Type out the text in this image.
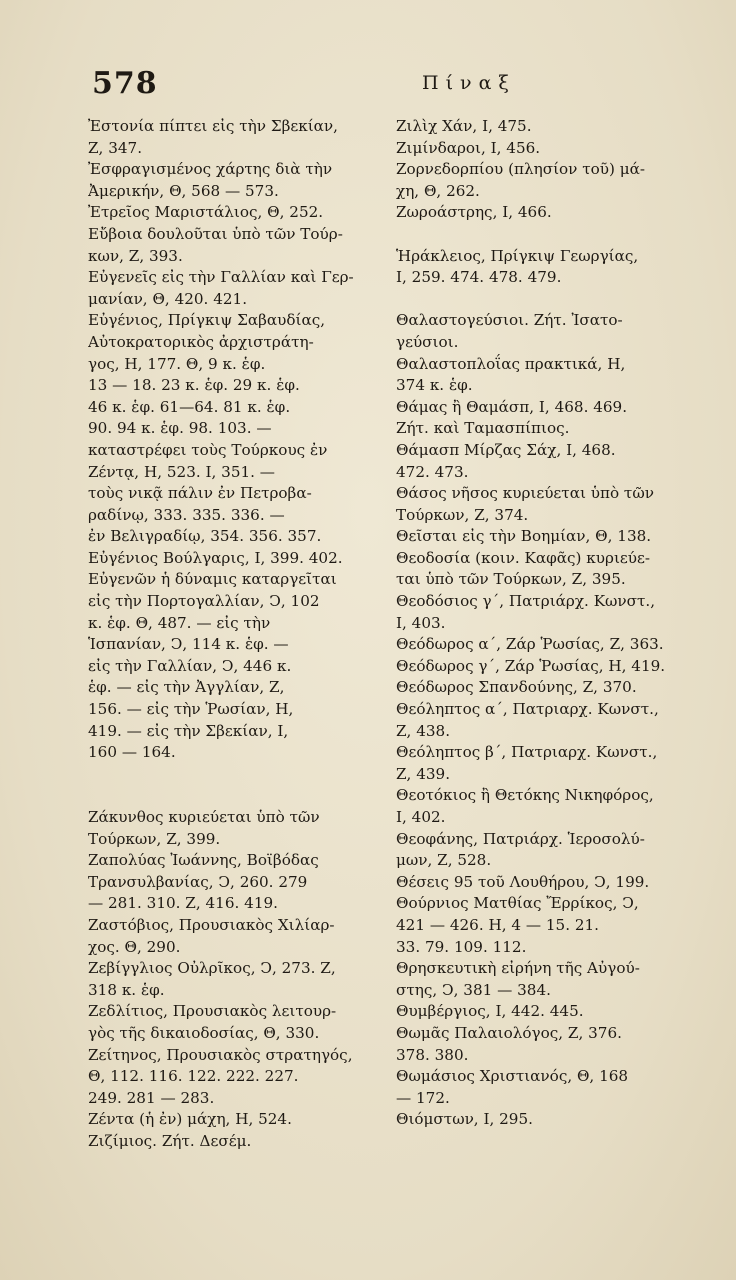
578	Πίναξ
Ἐστονία πίπτει εἰς τὴν Σβεκίαν,
Ζ, 347.
Ἐσφραγισμένος χάρτης διὰ τὴν
Ἀμερικήν, Θ, 568 — 573.
Ἐτρεῖος Μαριστάλιος, Θ, 252.
Εὔβοια δουλοῦται ὑπὸ τῶν Τούρ-
κων, Ζ, 393.
Εὐγενεῖς εἰς τὴν Γαλλίαν καὶ Γερ-
μανίαν, Θ, 420. 421.
Εὐγένιος, Πρίγκιψ Σαβαυδίας,
Αὐτοκρατορικὸς ἀρχιστράτη-
γος, Η, 177. Θ, 9 κ. ἑφ.
13 — 18. 23 κ. ἑφ. 29 κ. ἑφ.
46 κ. ἑφ. 61—64. 81 κ. ἑφ.
90. 94 κ. ἑφ. 98. 103. —
καταστρέφει τοὺς Τούρκους ἐν
Ζέντᾳ, Η, 523. Ι, 351. —
τοὺς νικᾷ πάλιν ἐν Πετροβα-
ραδίνῳ, 333. 335. 336. —
ἐν Βελιγραδίῳ, 354. 356. 357.
Εὐγένιος Βούλγαρις, Ι, 399. 402.
Εὐγενῶν ἡ δύναμις καταργεῖται
εἰς τὴν Πορτογαλλίαν, Ͻ, 102
κ. ἑφ. Θ, 487. — εἰς τὴν
Ἱσπανίαν, Ͻ, 114 κ. ἑφ. —
εἰς τὴν Γαλλίαν, Ͻ, 446 κ.
ἑφ. — εἰς τὴν Ἀγγλίαν, Ζ,
156. — εἰς τὴν Ῥωσίαν, Η,
419. — εἰς τὴν Σβεκίαν, Ι,
160 — 164.
Ζάκυνθος κυριεύεται ὑπὸ τῶν
Τούρκων, Ζ, 399.
Ζαπολύας Ἰωάννης, Βοϊβόδας
Τρανσυλβανίας, Ͻ, 260. 279
— 281. 310. Ζ, 416. 419.
Ζαστόβιος, Προυσιακὸς Χιλίαρ-
χος. Θ, 290.
Ζεβίγγλιος Οὐλρῖκος, Ͻ, 273. Ζ,
318 κ. ἑφ.
Ζεδλίτιος, Προυσιακὸς λειτουρ-
γὸς τῆς δικαιοδοσίας, Θ, 330.
Ζείτηνος, Προυσιακὸς στρατηγός,
Θ, 112. 116. 122. 222. 227.
249. 281 — 283.
Ζέντα (ἡ ἐν) μάχη, Η, 524.
Ζιζίμιος. Ζήτ. Δεσέμ.
Ζιλὶχ Χάν, Ι, 475.
Ζιμίνδαροι, Ι, 456.
Ζορνεδορπίου (πλησίον τοῦ) μά-
χη, Θ, 262.
Ζωροάστρης, Ι, 466.
Ἡράκλειος, Πρίγκιψ Γεωργίας,
Ι, 259. 474. 478. 479.
Θαλαστογεύσιοι. Ζήτ. Ἰσατο-
γεύσιοι.
Θαλαστοπλοΐας πρακτικά, Η,
374 κ. ἑφ.
Θάμας ἢ Θαμάσπ, Ι, 468. 469.
Ζήτ. καὶ Ταμασπίπιος.
Θάμασπ Μίρζας Σάχ, Ι, 468.
472. 473.
Θάσος νῆσος κυριεύεται ὑπὸ τῶν
Τούρκων, Ζ, 374.
Θεῖσται εἰς τὴν Βοημίαν, Θ, 138.
Θεοδοσία (κοιν. Καφᾶς) κυριεύε-
ται ὑπὸ τῶν Τούρκων, Ζ, 395.
Θεοδόσιος γ΄, Πατριάρχ. Κωνστ.,
Ι, 403.
Θεόδωρος α΄, Ζάρ Ῥωσίας, Ζ, 363.
Θεόδωρος γ΄, Ζάρ Ῥωσίας, Η, 419.
Θεόδωρος Σπανδούνης, Ζ, 370.
Θεόληπτος α΄, Πατριαρχ. Κωνστ.,
Ζ, 438.
Θεόληπτος β΄, Πατριαρχ. Κωνστ.,
Ζ, 439.
Θεοτόκιος ἢ Θετόκης Νικηφόρος,
Ι, 402.
Θεοφάνης, Πατριάρχ. Ἱεροσολύ-
μων, Ζ, 528.
Θέσεις 95 τοῦ Λουθήρου, Ͻ, 199.
Θούρνιος Ματθίας Ἔρρίκος, Ͻ,
421 — 426. Η, 4 — 15. 21.
33. 79. 109. 112.
Θρησκευτικὴ εἰρήνη τῆς Αὐγού-
στης, Ͻ, 381 — 384.
Θυμβέργιος, Ι, 442. 445.
Θωμᾶς Παλαιολόγος, Ζ, 376.
378. 380.
Θωμάσιος Χριστιανός, Θ, 168
— 172.
Θιόμστων, Ι, 295.
